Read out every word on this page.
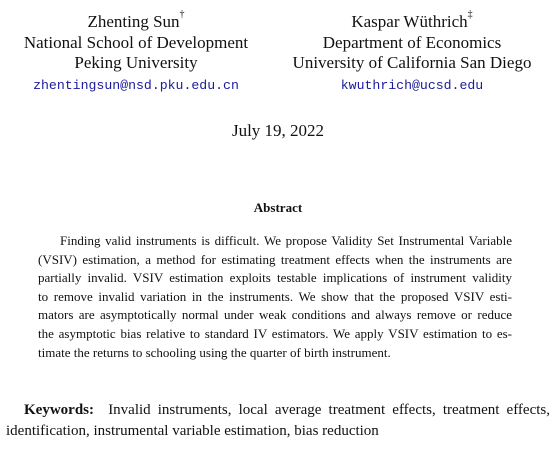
Zhenting Sun†
National School of Development
Peking University
zhentingsun@nsd.pku.edu.cn
Kaspar Wüthrich‡
Department of Economics
University of California San Diego
kwuthrich@ucsd.edu
July 19, 2022
Abstract
Finding valid instruments is difficult. We propose Validity Set Instrumental Variable
(VSIV) estimation, a method for estimating treatment effects when the instruments are
partially invalid. VSIV estimation exploits testable implications of instrument validity
to remove invalid variation in the instruments. We show that the proposed VSIV esti-
mators are asymptotically normal under weak conditions and always remove or reduce
the asymptotic bias relative to standard IV estimators. We apply VSIV estimation to es-
timate the returns to schooling using the quarter of birth instrument.
Keywords: Invalid instruments, local average treatment effects, treatment effects,
identification, instrumental variable estimation, bias reduction
